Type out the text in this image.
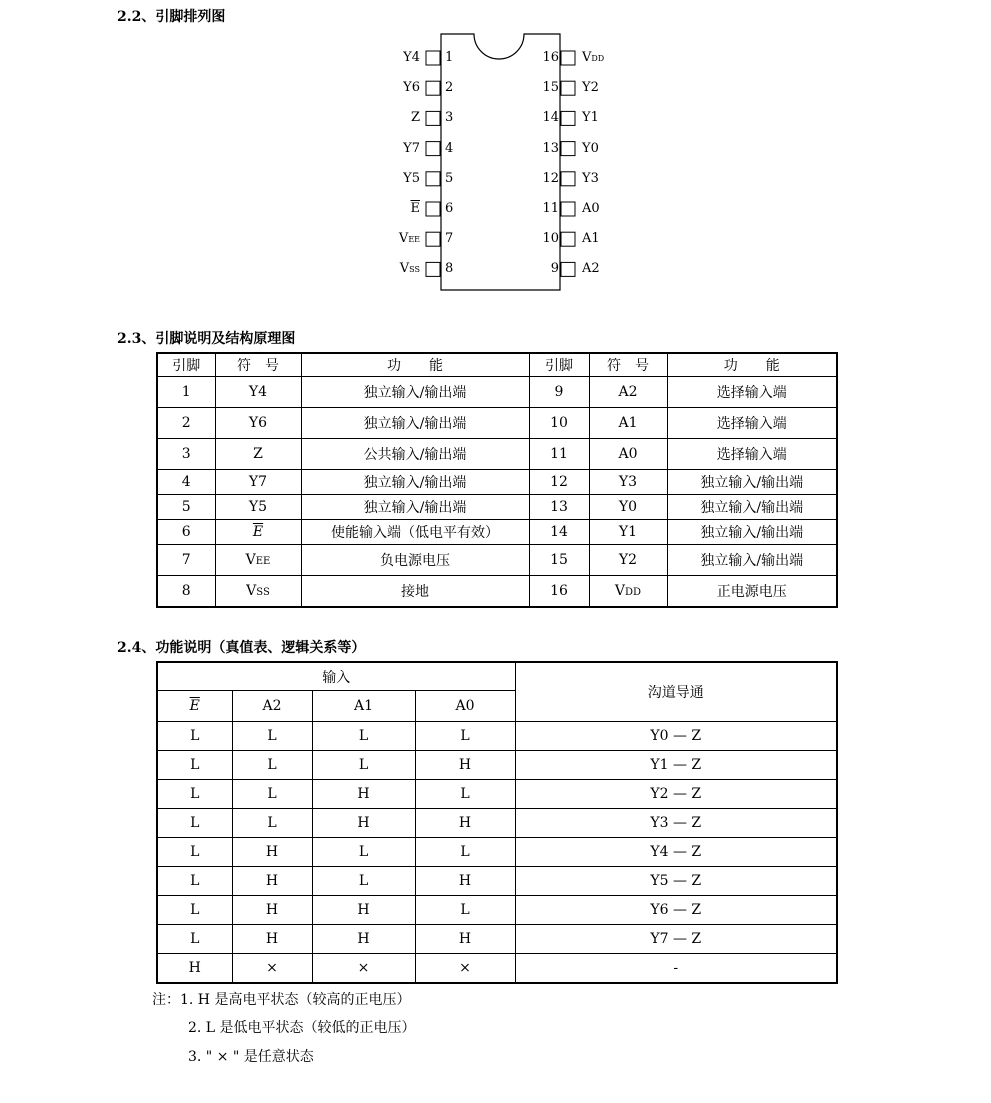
2.2、引脚排列图
Y4 1
Y6 2
Z 3
Y7 4
Y5 5
$\overline{E}$ 6
VEE 7
VSS 8
16 VDD
15 Y2
14 Y1
13 Y0
12 Y3
11 A0
10 A1
9 A2
2.3、引脚说明及结构原理图
引脚	符　号	功　　能	引脚	符　号	功　　能
1	Y4	独立输入/输出端	9	A2	选择输入端
2	Y6	独立输入/输出端	10	A1	选择输入端
3	Z	公共输入/输出端	11	A0	选择输入端
4	Y7	独立输入/输出端	12	Y3	独立输入/输出端
5	Y5	独立输入/输出端	13	Y0	独立输入/输出端
6	$\overline{E}$	使能输入端（低电平有效）	14	Y1	独立输入/输出端
7	VEE	负电源电压	15	Y2	独立输入/输出端
8	VSS	接地	16	VDD	正电源电压
2.4、功能说明（真值表、逻辑关系等）
输入				沟道导通
$\overline{E}$	A2	A1	A0	
L	L	L	L	Y0 — Z
L	L	L	H	Y1 — Z
L	L	H	L	Y2 — Z
L	L	H	H	Y3 — Z
L	H	L	L	Y4 — Z
L	H	L	H	Y5 — Z
L	H	H	L	Y6 — Z
L	H	H	H	Y7 — Z
H	×	×	×	-
注：1. H 是高电平状态（较高的正电压）
2. L 是低电平状态（较低的正电压）
3. " × " 是任意状态
